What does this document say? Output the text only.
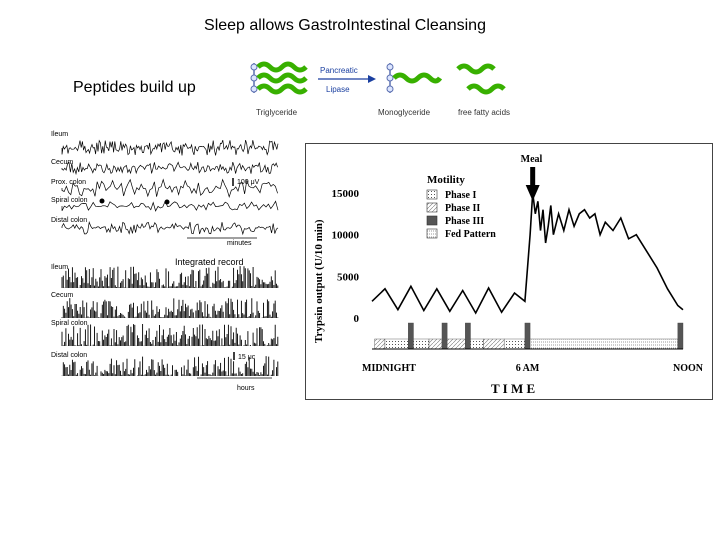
Sleep allows GastroIntestinal Cleansing
Peptides build up
Triglyceride
Pancreatic
Lipase
Monoglyceride	free fatty acids
Ileum
Cecum
Prox. colon
Spiral colon
Distal colon
100 μV
minutes
Integrated record
Ileum
Cecum
Spiral colon
Distal colon	15 μc
hours
Trypsin output (U/10 min)	0
5000
10000
15000
Meal
Motility
Phase I
Phase II
Phase III
Fed Pattern
MIDNIGHT	6 AM	NOON
T I M E
